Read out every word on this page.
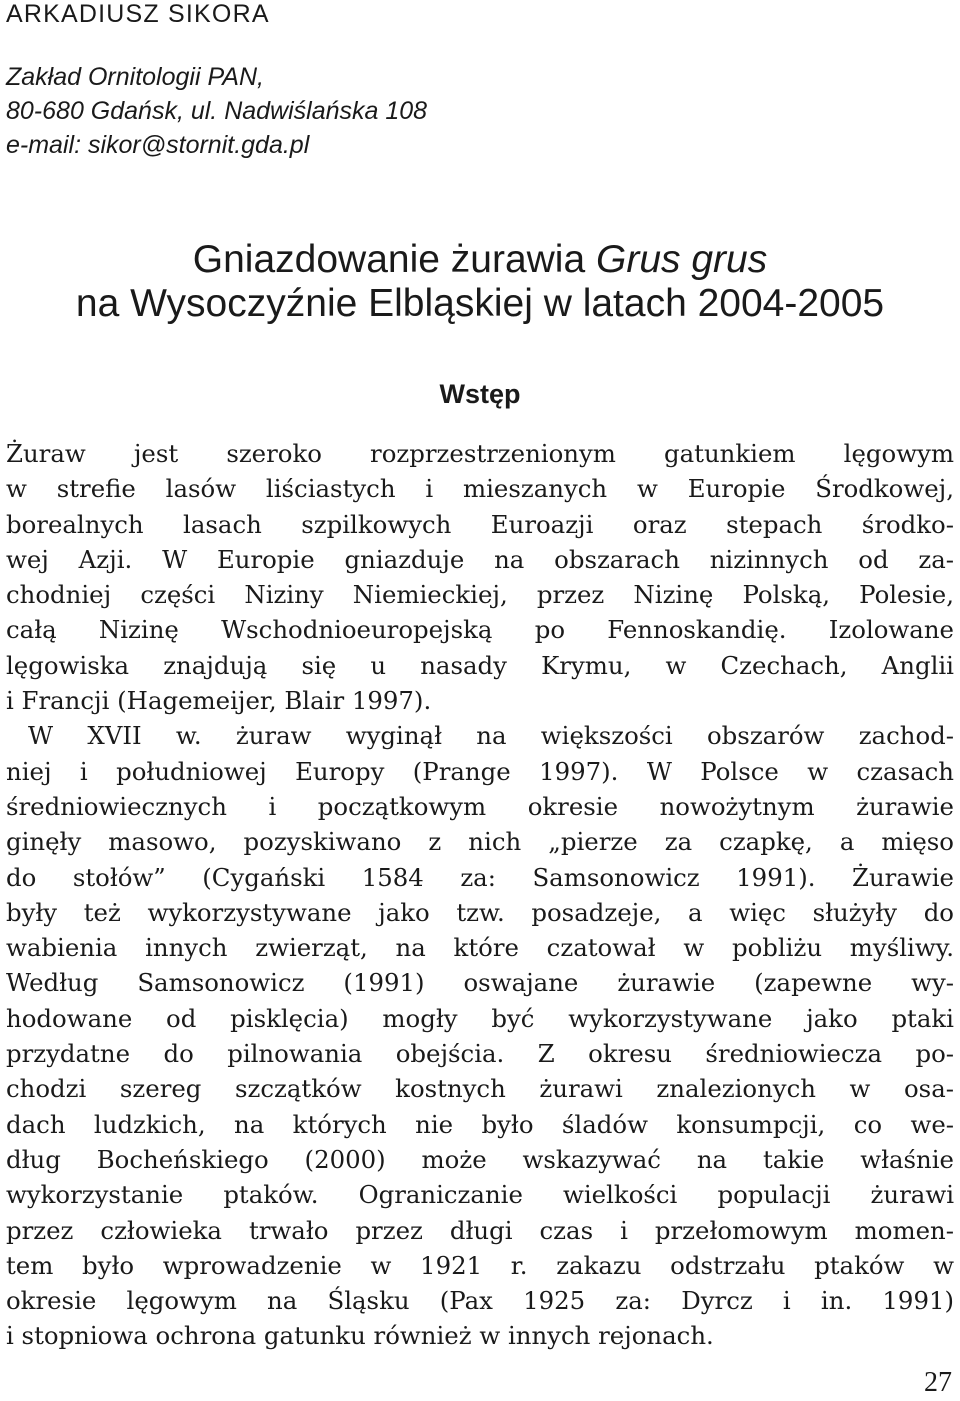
ARKADIUSZ SIKORA
Zakład Ornitologii PAN,
80-680 Gdańsk, ul. Nadwiślańska 108
e-mail: sikor@stornit.gda.pl
Gniazdowanie żurawia Grus grus
na Wysoczyźnie Elbląskiej w latach 2004-2005
Wstęp
Żuraw jest szeroko rozprzestrzenionym gatunkiem lęgowym
w strefie lasów liściastych i mieszanych w Europie Środkowej,
borealnych lasach szpilkowych Euroazji oraz stepach środko-
wej Azji. W Europie gniazduje na obszarach nizinnych od za-
chodniej części Niziny Niemieckiej, przez Nizinę Polską, Polesie,
całą Nizinę Wschodnioeuropejską po Fennoskandię. Izolowane
lęgowiska znajdują się u nasady Krymu, w Czechach, Anglii
i Francji (Hagemeijer, Blair 1997).
W XVII w. żuraw wyginął na większości obszarów zachod-
niej i południowej Europy (Prange 1997). W Polsce w czasach
średniowiecznych i początkowym okresie nowożytnym żurawie
ginęły masowo, pozyskiwano z nich „pierze za czapkę, a mięso
do stołów” (Cygański 1584 za: Samsonowicz 1991). Żurawie
były też wykorzystywane jako tzw. posadzeje, a więc służyły do
wabienia innych zwierząt, na które czatował w pobliżu myśliwy.
Według Samsonowicz (1991) oswajane żurawie (zapewne wy-
hodowane od pisklęcia) mogły być wykorzystywane jako ptaki
przydatne do pilnowania obejścia. Z okresu średniowiecza po-
chodzi szereg szczątków kostnych żurawi znalezionych w osa-
dach ludzkich, na których nie było śladów konsumpcji, co we-
dług Bocheńskiego (2000) może wskazywać na takie właśnie
wykorzystanie ptaków. Ograniczanie wielkości populacji żurawi
przez człowieka trwało przez długi czas i przełomowym momen-
tem było wprowadzenie w 1921 r. zakazu odstrzału ptaków w
okresie lęgowym na Śląsku (Pax 1925 za: Dyrcz i in. 1991)
i stopniowa ochrona gatunku również w innych rejonach.
27
